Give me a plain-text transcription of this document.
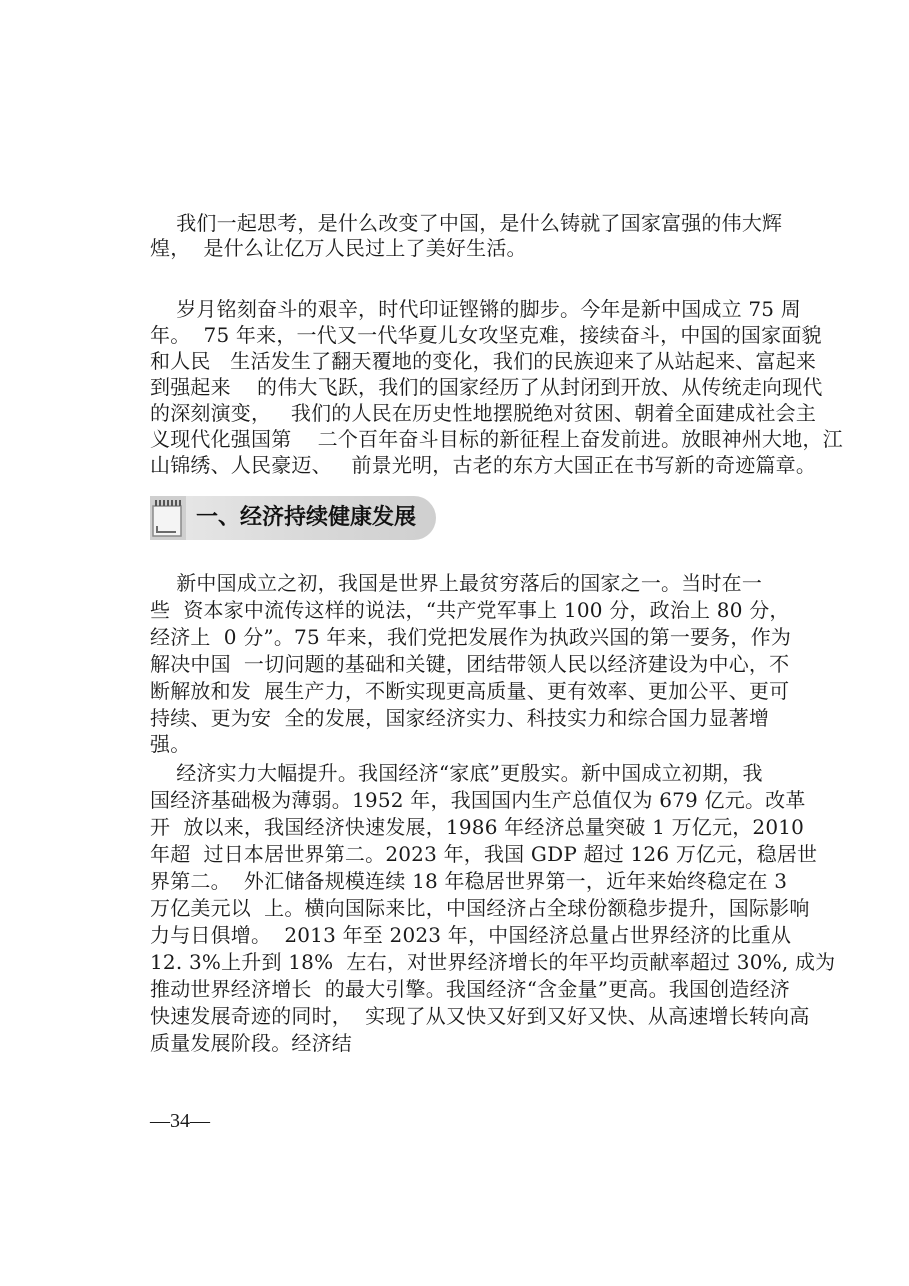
我们一起思考，是什么改变了中国，是什么铸就了国家富强的伟大辉
煌，  是什么让亿万人民过上了美好生活。
岁月铭刻奋斗的艰辛，时代印证铿锵的脚步。今年是新中国成立 75 周
年。  75 年来，一代又一代华夏儿女攻坚克难，接续奋斗，中国的国家面貌
和人民   生活发生了翻天覆地的变化，我们的民族迎来了从站起来、富起来
到强起来    的伟大飞跃，我们的国家经历了从封闭到开放、从传统走向现代
的深刻演变，   我们的人民在历史性地摆脱绝对贫困、朝着全面建成社会主
义现代化强国第    二个百年奋斗目标的新征程上奋发前进。放眼神州大地，江
山锦绣、人民豪迈、   前景光明，古老的东方大国正在书写新的奇迹篇章。
一、经济持续健康发展
新中国成立之初，我国是世界上最贫穷落后的国家之一。当时在一
些  资本家中流传这样的说法，“共产党军事上 100 分，政治上 80 分，
经济上  0 分”。75 年来，我们党把发展作为执政兴国的第一要务，作为
解决中国  一切问题的基础和关键，团结带领人民以经济建设为中心，不
断解放和发  展生产力，不断实现更高质量、更有效率、更加公平、更可
持续、更为安  全的发展，国家经济实力、科技实力和综合国力显著增
强。
经济实力大幅提升。我国经济“家底”更殷实。新中国成立初期，我
国经济基础极为薄弱。1952 年，我国国内生产总值仅为 679 亿元。改革
开  放以来，我国经济快速发展，1986 年经济总量突破 1 万亿元，2010
年超  过日本居世界第二。2023 年，我国 GDP 超过 126 万亿元，稳居世
界第二。  外汇储备规模连续 18 年稳居世界第一，近年来始终稳定在 3
万亿美元以  上。横向国际来比，中国经济占全球份额稳步提升，国际影响
力与日俱增。  2013 年至 2023 年，中国经济总量占世界经济的比重从
12. 3%上升到 18%  左右，对世界经济增长的年平均贡献率超过 30%, 成为
推动世界经济增长  的最大引擎。我国经济“含金量”更高。我国创造经济
快速发展奇迹的同时，  实现了从又快又好到又好又快、从高速增长转向高
质量发展阶段。经济结
—34—
